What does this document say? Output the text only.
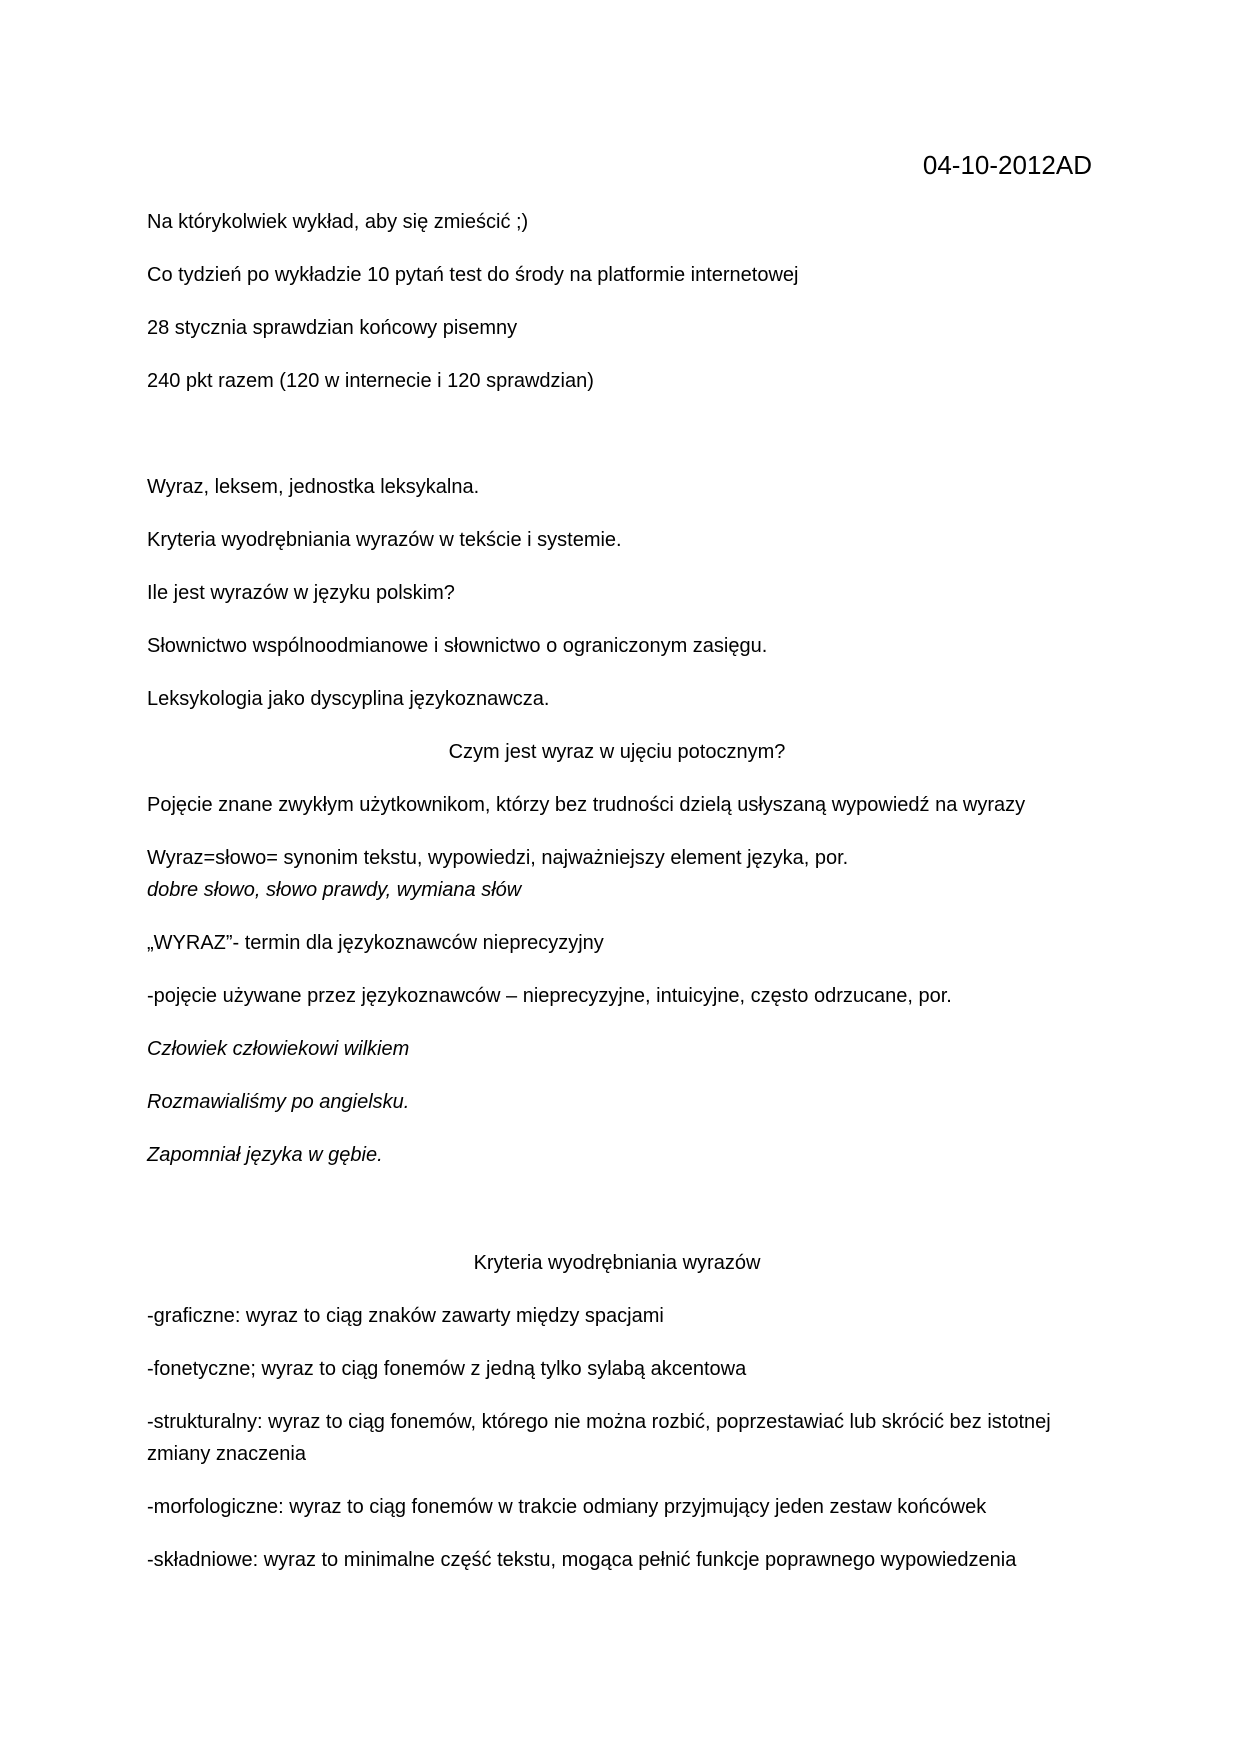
04-10-2012AD

Na którykolwiek wykład, aby się zmieścić ;)

Co tydzień po wykładzie 10 pytań test do środy na platformie internetowej

28 stycznia sprawdzian końcowy pisemny

240 pkt razem (120 w internecie i 120 sprawdzian)

Wyraz, leksem, jednostka leksykalna.

Kryteria wyodrębniania wyrazów w tekście i systemie.

Ile jest wyrazów w języku polskim?

Słownictwo wspólnoodmianowe i słownictwo o ograniczonym zasięgu.

Leksykologia jako dyscyplina językoznawcza.

Czym jest wyraz w ujęciu potocznym?

Pojęcie znane zwykłym użytkownikom, którzy bez trudności dzielą usłyszaną wypowiedź na wyrazy

Wyraz=słowo= synonim tekstu, wypowiedzi, najważniejszy element języka, por.
dobre słowo, słowo prawdy, wymiana słów

„WYRAZ”- termin dla językoznawców nieprecyzyjny

-pojęcie używane przez językoznawców – nieprecyzyjne, intuicyjne, często odrzucane, por.

Człowiek człowiekowi wilkiem

Rozmawialiśmy po angielsku.

Zapomniał języka w gębie.

Kryteria wyodrębniania wyrazów

-graficzne: wyraz to ciąg znaków zawarty między spacjami

-fonetyczne; wyraz to ciąg fonemów z jedną tylko sylabą akcentowa

-strukturalny: wyraz to ciąg fonemów, którego nie można rozbić, poprzestawiać lub skrócić bez istotnej zmiany znaczenia

-morfologiczne: wyraz to ciąg fonemów w trakcie odmiany przyjmujący jeden zestaw końcówek

-składniowe: wyraz to minimalne część tekstu, mogąca pełnić funkcje poprawnego wypowiedzenia
